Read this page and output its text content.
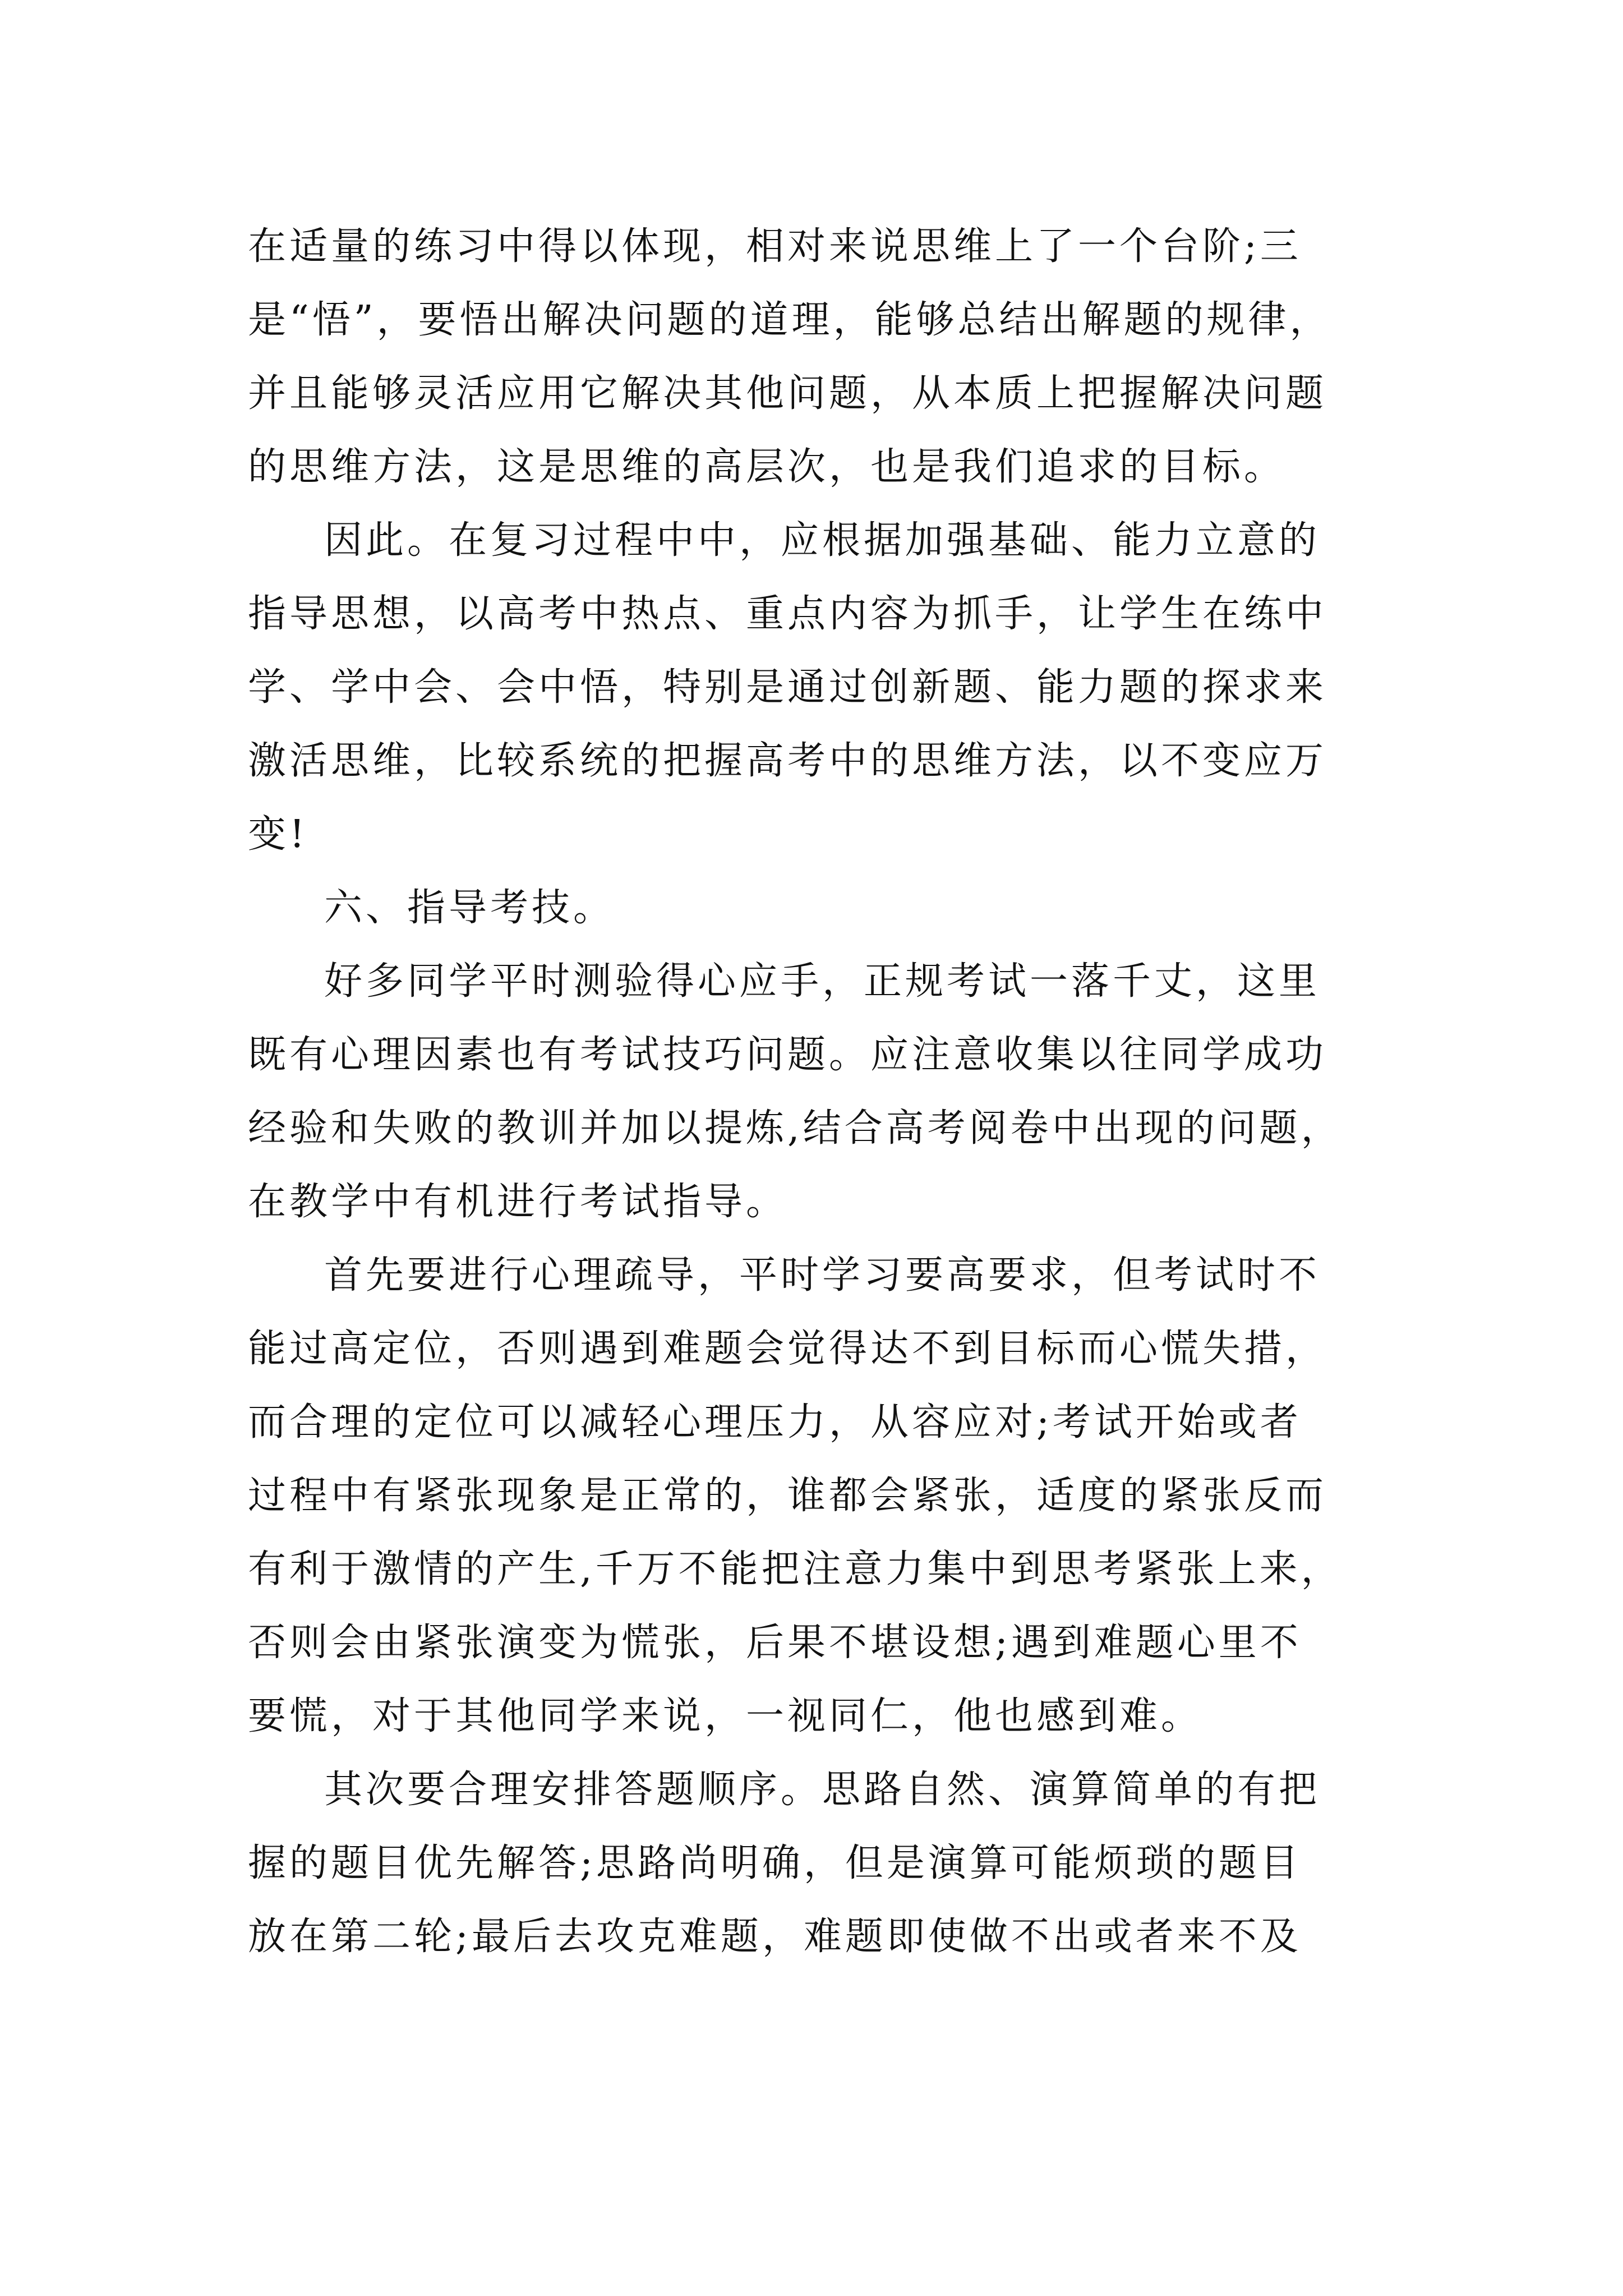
在适量的练习中得以体现，相对来说思维上了一个台阶;三
是“悟”，要悟出解决问题的道理，能够总结出解题的规律，
并且能够灵活应用它解决其他问题，从本质上把握解决问题
的思维方法，这是思维的高层次，也是我们追求的目标。
因此。在复习过程中中，应根据加强基础、能力立意的
指导思想，以高考中热点、重点内容为抓手，让学生在练中
学、学中会、会中悟，特别是通过创新题、能力题的探求来
激活思维，比较系统的把握高考中的思维方法，以不变应万
变!
六、指导考技。
好多同学平时测验得心应手，正规考试一落千丈，这里
既有心理因素也有考试技巧问题。应注意收集以往同学成功
经验和失败的教训并加以提炼,结合高考阅卷中出现的问题，
在教学中有机进行考试指导。
首先要进行心理疏导，平时学习要高要求，但考试时不
能过高定位，否则遇到难题会觉得达不到目标而心慌失措，
而合理的定位可以减轻心理压力，从容应对;考试开始或者
过程中有紧张现象是正常的，谁都会紧张，适度的紧张反而
有利于激情的产生,千万不能把注意力集中到思考紧张上来，
否则会由紧张演变为慌张，后果不堪设想;遇到难题心里不
要慌，对于其他同学来说，一视同仁，他也感到难。
其次要合理安排答题顺序。思路自然、演算简单的有把
握的题目优先解答;思路尚明确，但是演算可能烦琐的题目
放在第二轮;最后去攻克难题，难题即使做不出或者来不及
